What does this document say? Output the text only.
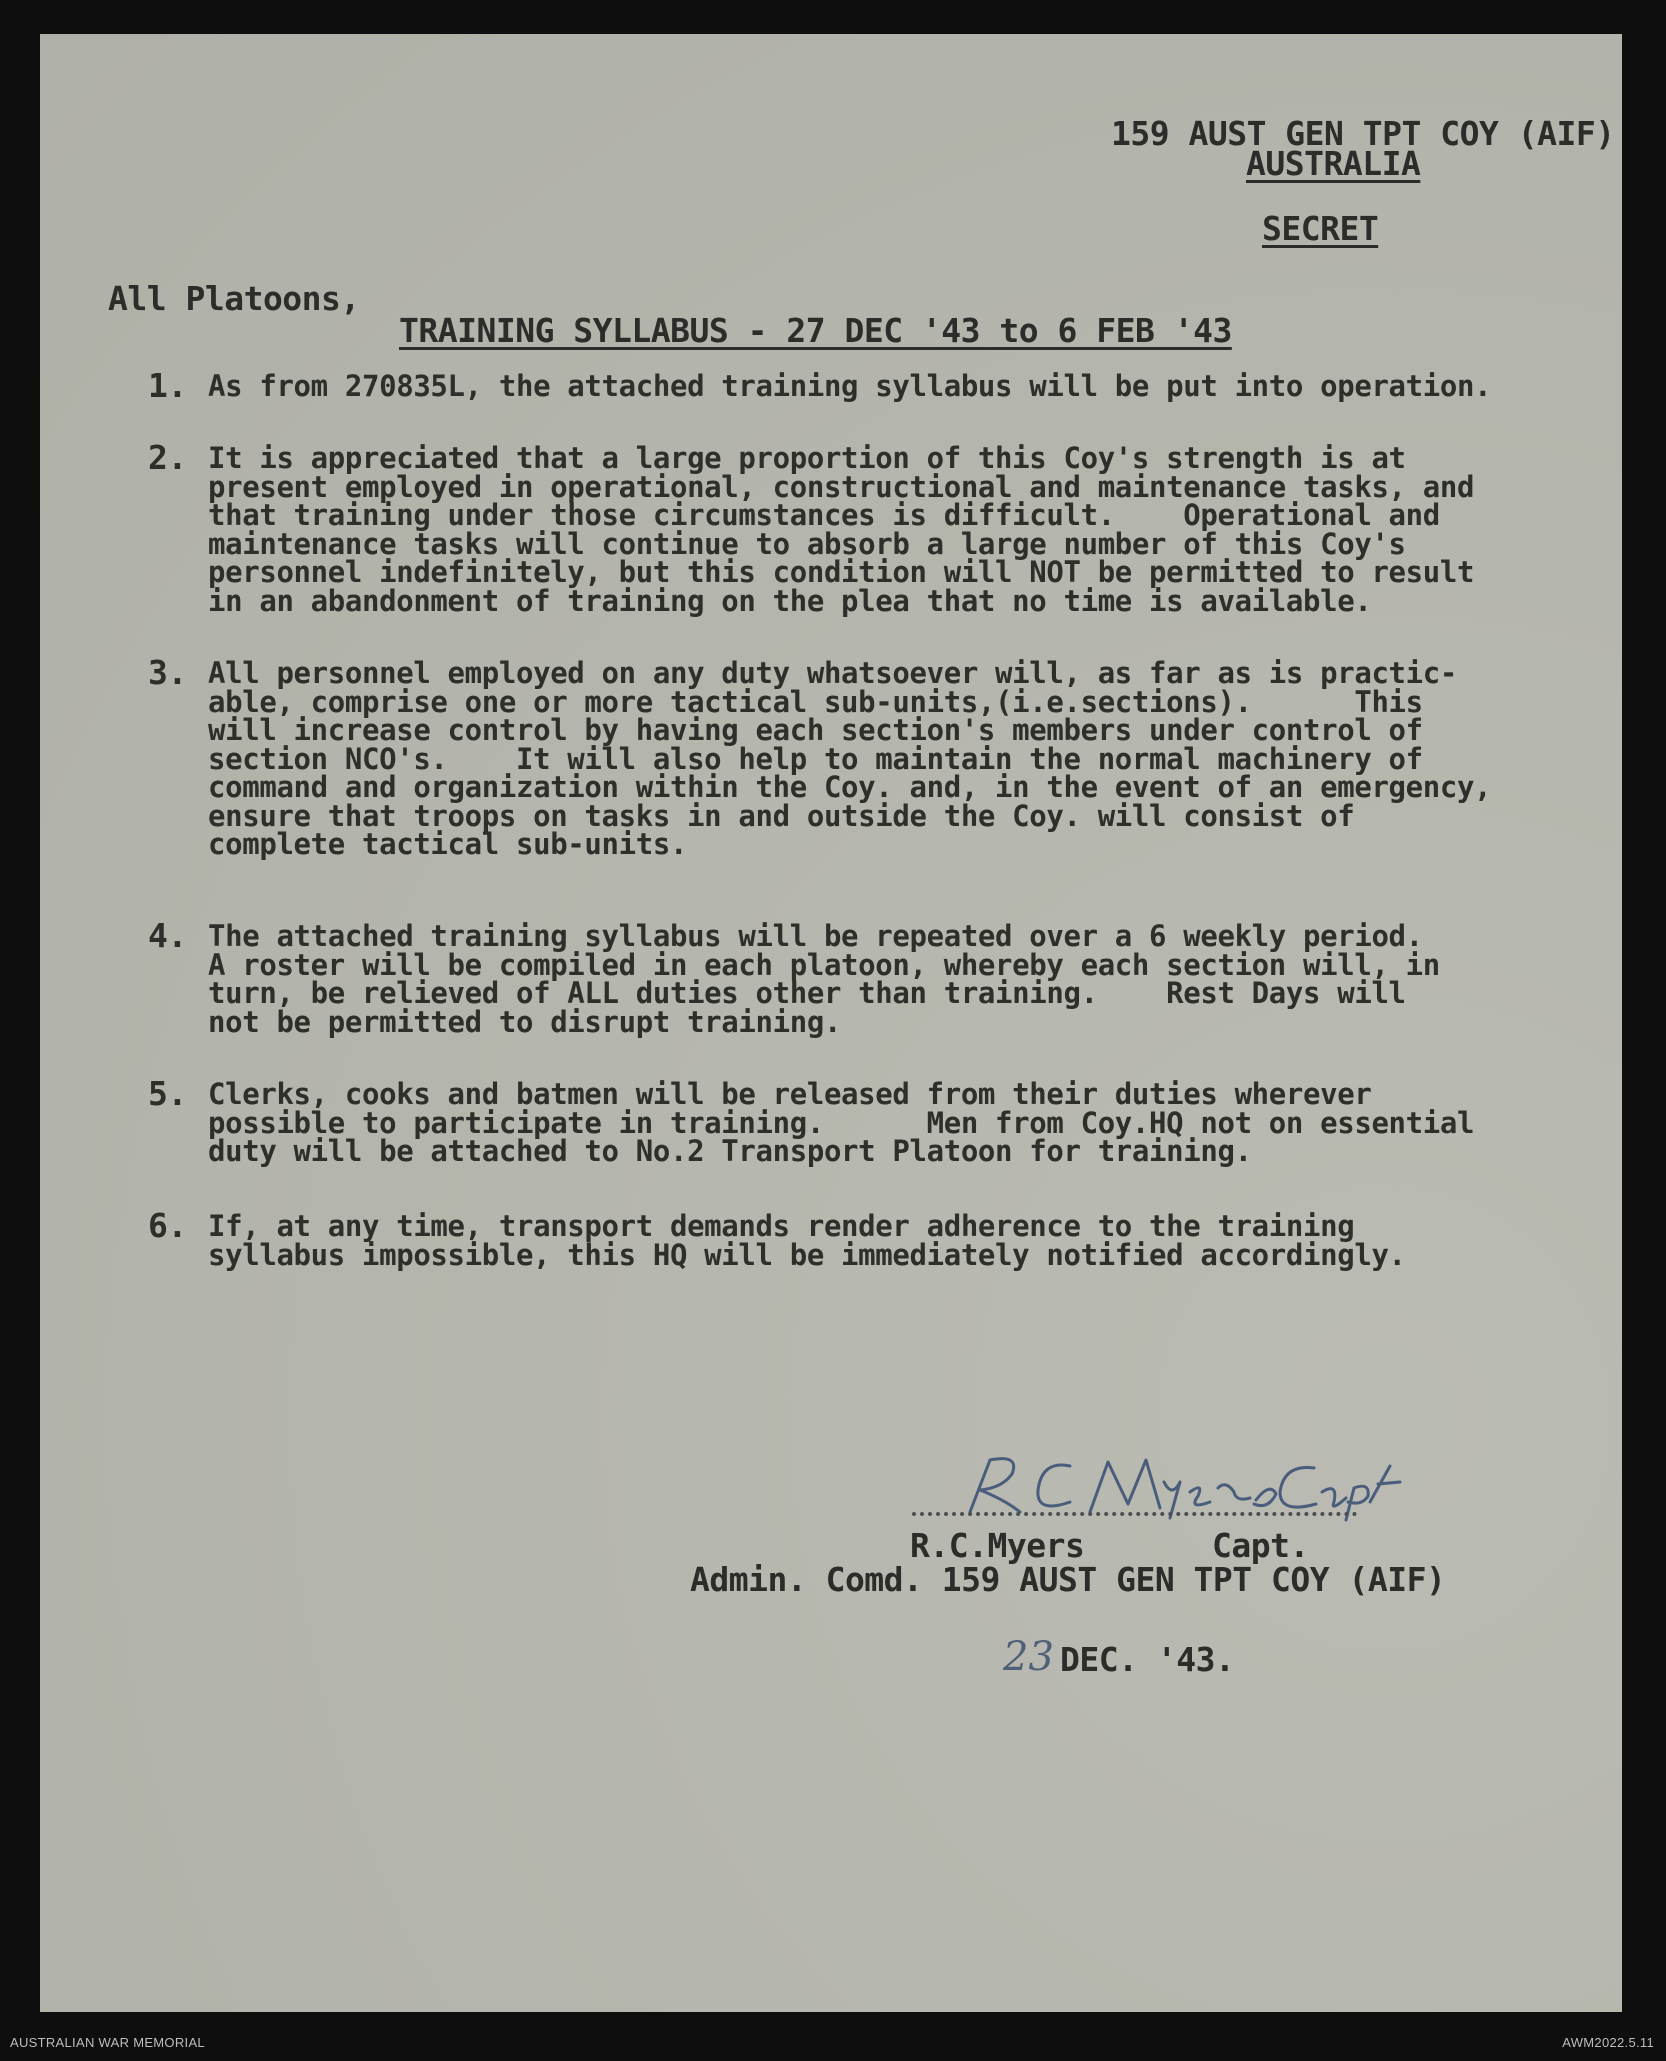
159 AUST GEN TPT COY (AIF)
AUSTRALIA
SECRET
All Platoons,
TRAINING SYLLABUS - 27 DEC '43 to 6 FEB '43
1. As from 270835L, the attached training syllabus will be put into operation.
2. It is appreciated that a large proportion of this Coy's strength is at
present employed in operational, constructional and maintenance tasks, and
that training under those circumstances is difficult.    Operational and
maintenance tasks will continue to absorb a large number of this Coy's
personnel indefinitely, but this condition will NOT be permitted to result
in an abandonment of training on the plea that no time is available.
3. All personnel employed on any duty whatsoever will, as far as is practic-
able, comprise one or more tactical sub-units,(i.e.sections).      This
will increase control by having each section's members under control of
section NCO's.    It will also help to maintain the normal machinery of
command and organization within the Coy. and, in the event of an emergency,
ensure that troops on tasks in and outside the Coy. will consist of
complete tactical sub-units.
4. The attached training syllabus will be repeated over a 6 weekly period.
A roster will be compiled in each platoon, whereby each section will, in
turn, be relieved of ALL duties other than training.    Rest Days will
not be permitted to disrupt training.
5. Clerks, cooks and batmen will be released from their duties wherever
possible to participate in training.      Men from Coy.HQ not on essential
duty will be attached to No.2 Transport Platoon for training.
6. If, at any time, transport demands render adherence to the training
syllabus impossible, this HQ will be immediately notified accordingly.
R.C.Myers	Capt.
Admin. Comd. 159 AUST GEN TPT COY (AIF)
23 DEC. '43.
AUSTRALIAN WAR MEMORIAL	AWM2022.5.11
